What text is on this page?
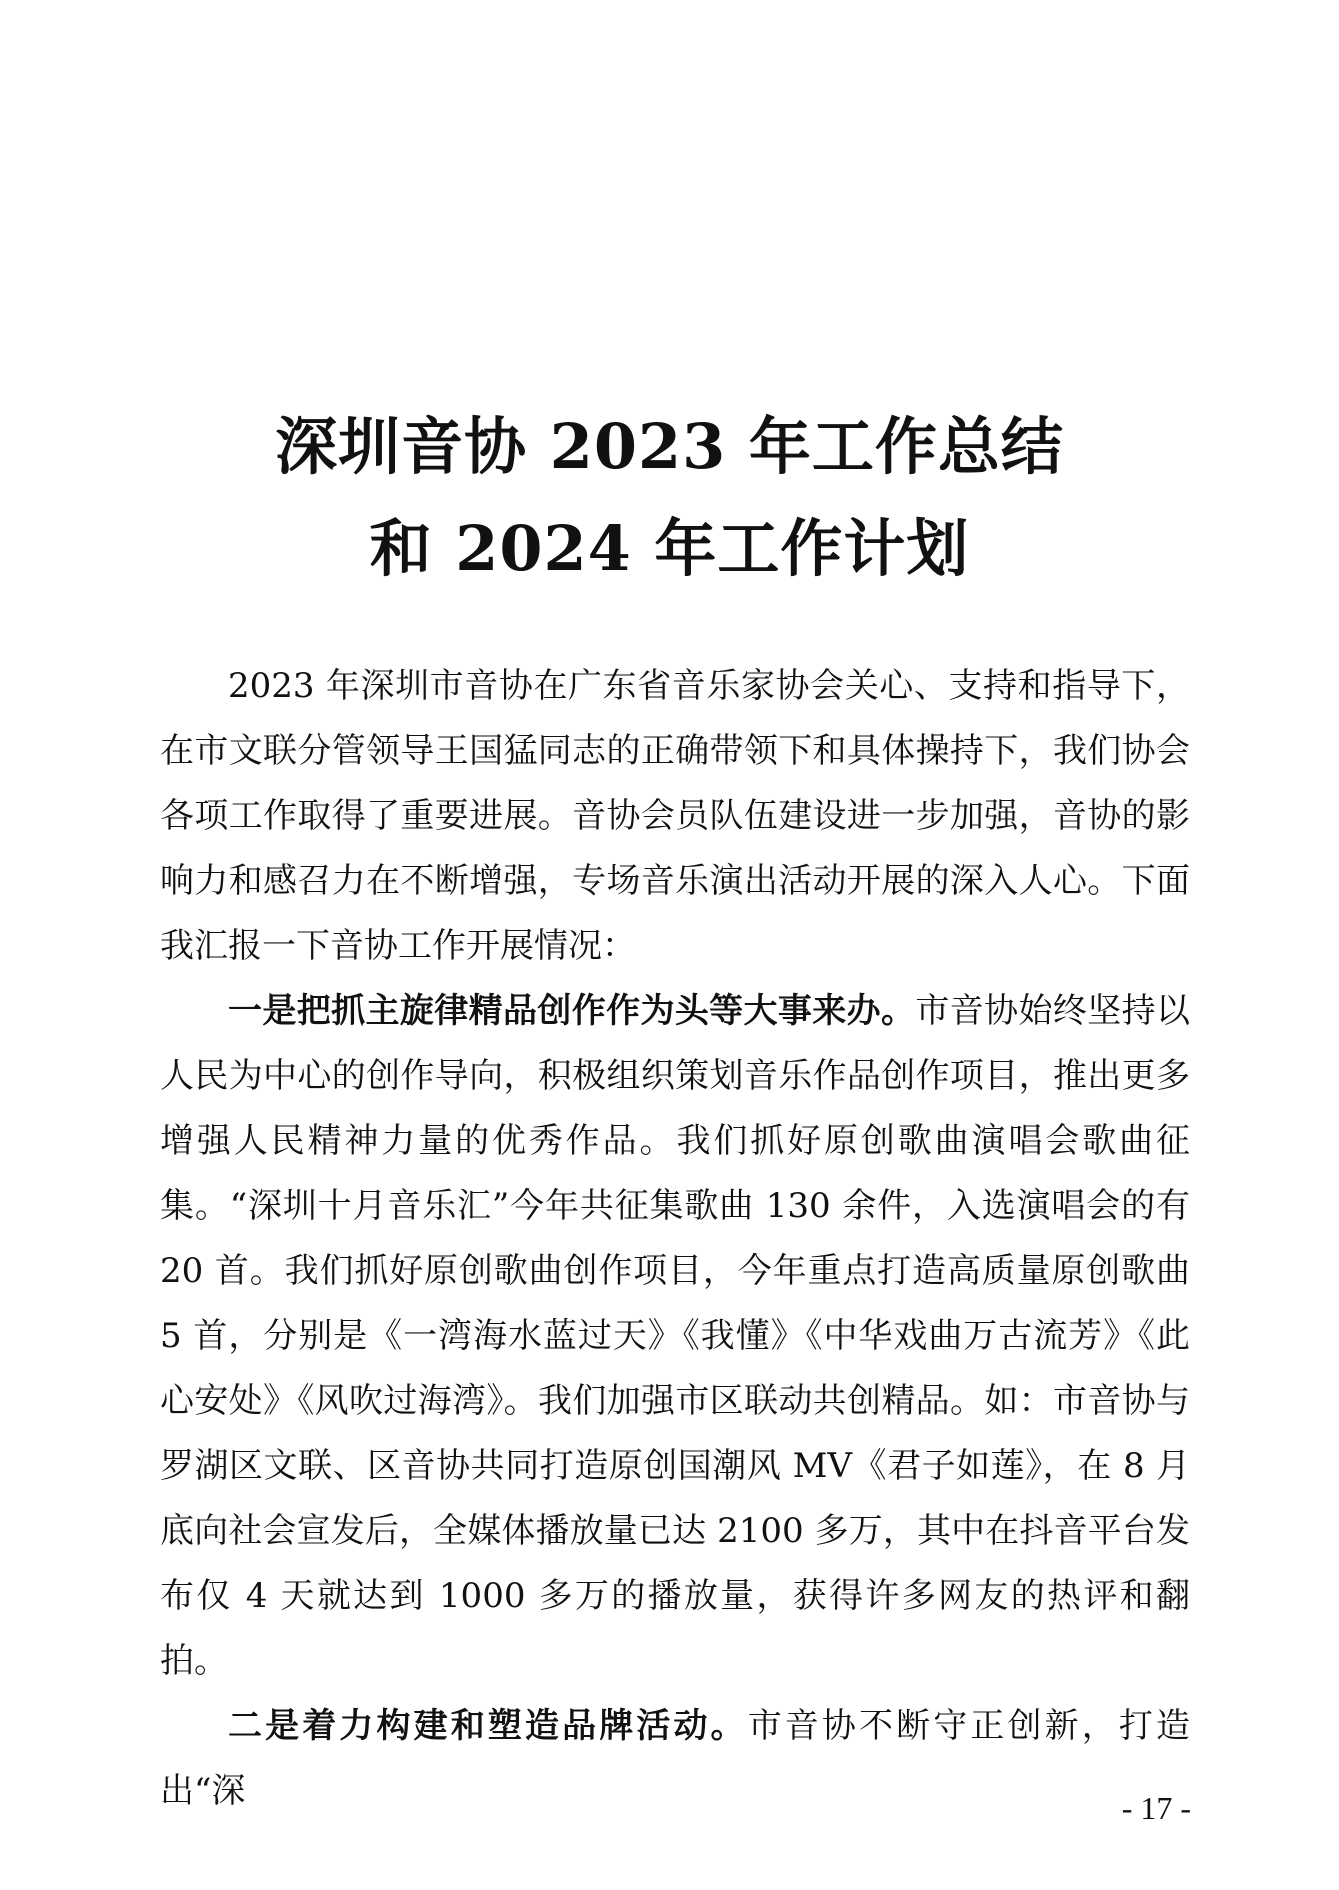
深圳音协 2023 年工作总结
和 2024 年工作计划

2023 年深圳市音协在广东省音乐家协会关心、支持和指导下，在市文联分管领导王国猛同志的正确带领下和具体操持下，我们协会各项工作取得了重要进展。音协会员队伍建设进一步加强，音协的影响力和感召力在不断增强，专场音乐演出活动开展的深入人心。下面我汇报一下音协工作开展情况：

一是把抓主旋律精品创作作为头等大事来办。市音协始终坚持以人民为中心的创作导向，积极组织策划音乐作品创作项目，推出更多增强人民精神力量的优秀作品。我们抓好原创歌曲演唱会歌曲征集。“深圳十月音乐汇”今年共征集歌曲 130 余件，入选演唱会的有 20 首。我们抓好原创歌曲创作项目，今年重点打造高质量原创歌曲 5 首，分别是《一湾海水蓝过天》《我懂》《中华戏曲万古流芳》《此心安处》《风吹过海湾》。我们加强市区联动共创精品。如：市音协与罗湖区文联、区音协共同打造原创国潮风 MV《君子如莲》，在 8 月底向社会宣发后，全媒体播放量已达 2100 多万，其中在抖音平台发布仅 4 天就达到 1000 多万的播放量，获得许多网友的热评和翻拍。

二是着力构建和塑造品牌活动。市音协不断守正创新，打造出“深	- 17 -
